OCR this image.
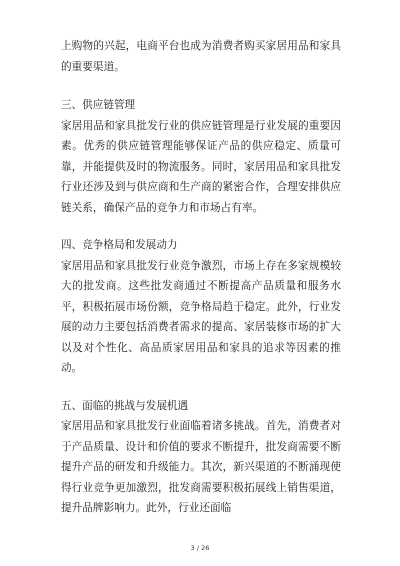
上购物的兴起，电商平台也成为消费者购买家居用品和家具的重要渠道。

三、供应链管理

家居用品和家具批发行业的供应链管理是行业发展的重要因素。优秀的供应链管理能够保证产品的供应稳定、质量可靠，并能提供及时的物流服务。同时，家居用品和家具批发行业还涉及到与供应商和生产商的紧密合作，合理安排供应链关系，确保产品的竞争力和市场占有率。

四、竞争格局和发展动力

家居用品和家具批发行业竞争激烈，市场上存在多家规模较大的批发商。这些批发商通过不断提高产品质量和服务水平，积极拓展市场份额，竞争格局趋于稳定。此外，行业发展的动力主要包括消费者需求的提高、家居装修市场的扩大以及对个性化、高品质家居用品和家具的追求等因素的推动。

五、面临的挑战与发展机遇

家居用品和家具批发行业面临着诸多挑战。首先，消费者对于产品质量、设计和价值的要求不断提升，批发商需要不断提升产品的研发和升级能力。其次，新兴渠道的不断涌现使得行业竞争更加激烈，批发商需要积极拓展线上销售渠道，提升品牌影响力。此外，行业还面临

3 / 26
